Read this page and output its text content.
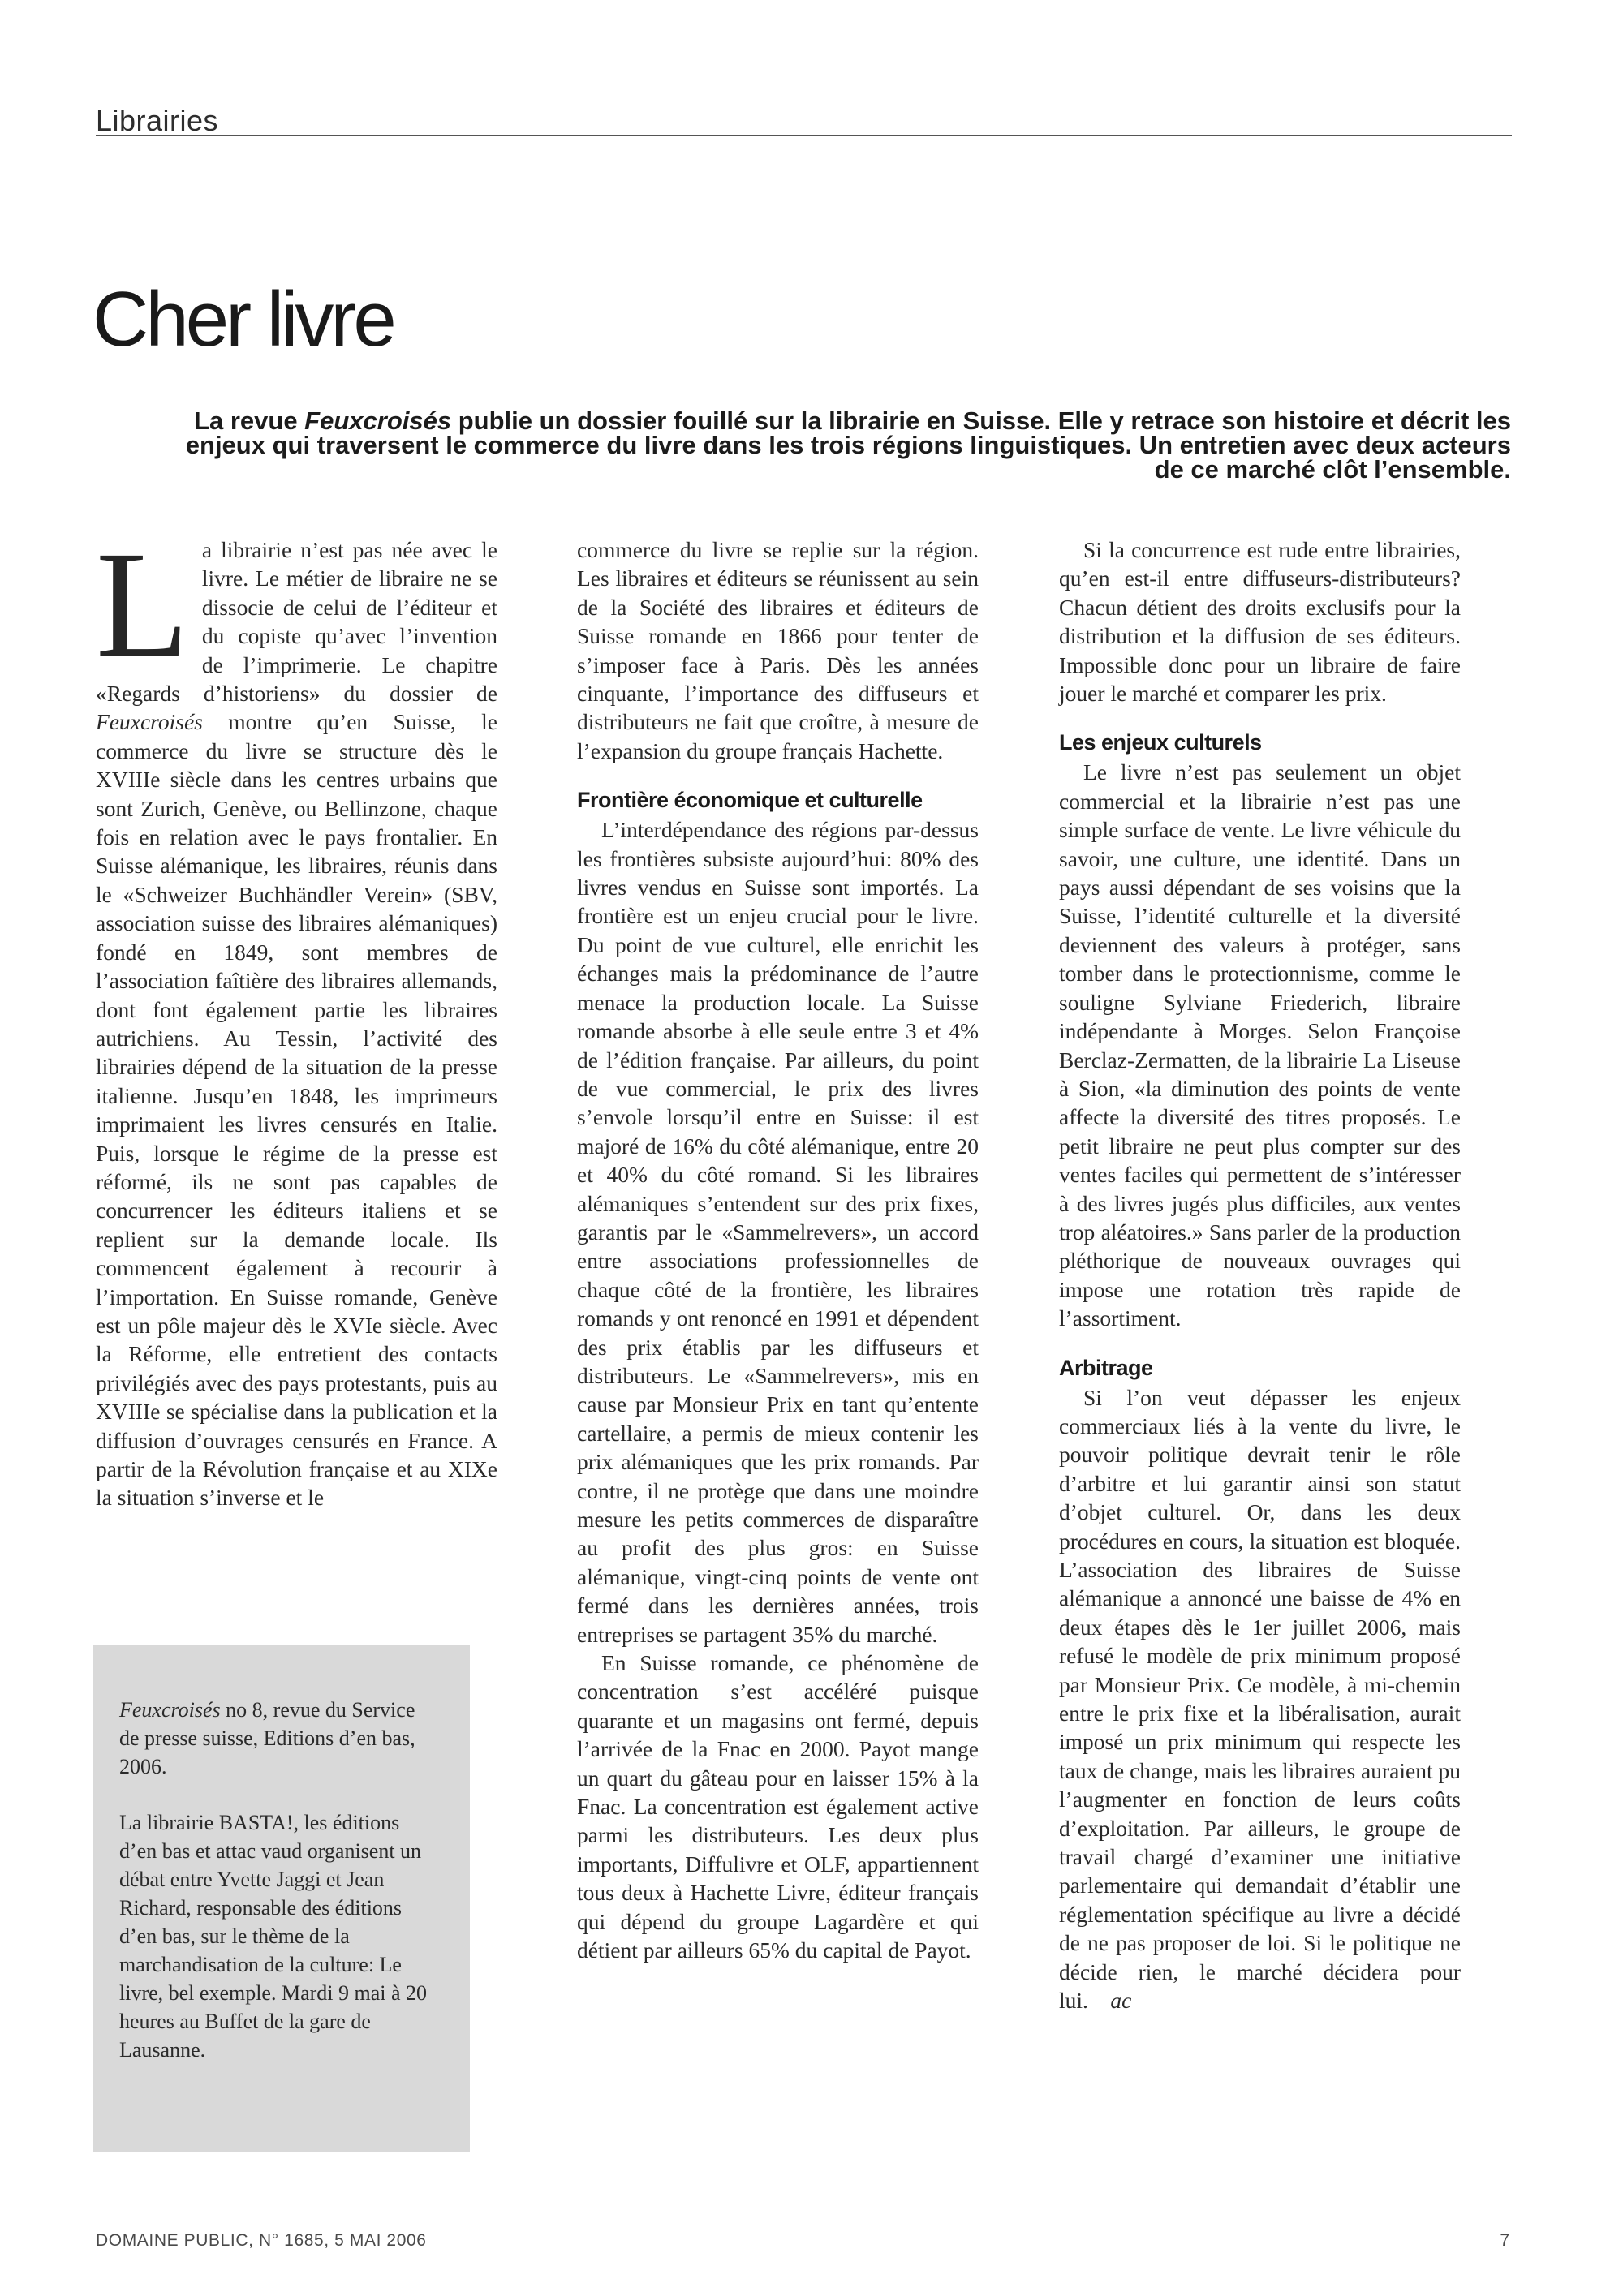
Librairies
Cher livre

La revue Feuxcroisés publie un dossier fouillé sur la librairie en Suisse. Elle y retrace son histoire et décrit les enjeux qui traversent le commerce du livre dans les trois régions linguistiques. Un entretien avec deux acteurs de ce marché clôt l’ensemble.

La librairie n’est pas née avec le livre. Le métier de libraire ne se dissocie de celui de l’éditeur et du copiste qu’avec l’invention de l’imprimerie. Le chapitre «Regards d’historiens» du dossier de Feuxcroisés montre qu’en Suisse, le commerce du livre se structure dès le XVIIIe siècle dans les centres urbains que sont Zurich, Genève, ou Bellinzone, chaque fois en relation avec le pays frontalier. En Suisse alémanique, les libraires, réunis dans le «Schweizer Buchhändler Verein» (SBV, association suisse des libraires alémaniques) fondé en 1849, sont membres de l’association faîtière des libraires allemands, dont font également partie les libraires autrichiens. Au Tessin, l’activité des librairies dépend de la situation de la presse italienne. Jusqu’en 1848, les imprimeurs imprimaient les livres censurés en Italie. Puis, lorsque le régime de la presse est réformé, ils ne sont pas capables de concurrencer les éditeurs italiens et se replient sur la demande locale. Ils commencent également à recourir à l’importation. En Suisse romande, Genève est un pôle majeur dès le XVIe siècle. Avec la Réforme, elle entretient des contacts privilégiés avec des pays protestants, puis au XVIIIe se spécialise dans la publication et la diffusion d’ouvrages censurés en France. A partir de la Révolution française et au XIXe la situation s’inverse et le

commerce du livre se replie sur la région. Les libraires et éditeurs se réunissent au sein de la Société des libraires et éditeurs de Suisse romande en 1866 pour tenter de s’imposer face à Paris. Dès les années cinquante, l’importance des diffuseurs et distributeurs ne fait que croître, à mesure de l’expansion du groupe français Hachette.

Frontière économique et culturelle

L’interdépendance des régions par-dessus les frontières subsiste aujourd’hui: 80% des livres vendus en Suisse sont importés. La frontière est un enjeu crucial pour le livre. Du point de vue culturel, elle enrichit les échanges mais la prédominance de l’autre menace la production locale. La Suisse romande absorbe à elle seule entre 3 et 4% de l’édition française. Par ailleurs, du point de vue commercial, le prix des livres s’envole lorsqu’il entre en Suisse: il est majoré de 16% du côté alémanique, entre 20 et 40% du côté romand. Si les libraires alémaniques s’entendent sur des prix fixes, garantis par le «Sammelrevers», un accord entre associations professionnelles de chaque côté de la frontière, les libraires romands y ont renoncé en 1991 et dépendent des prix établis par les diffuseurs et distributeurs. Le «Sammelrevers», mis en cause par Monsieur Prix en tant qu’entente cartellaire, a permis de mieux contenir les prix alémaniques que les prix romands. Par contre, il ne protège que dans une moindre mesure les petits commerces de disparaître au profit des plus gros: en Suisse alémanique, vingt-cinq points de vente ont fermé dans les dernières années, trois entreprises se partagent 35% du marché.

En Suisse romande, ce phénomène de concentration s’est accéléré puisque quarante et un magasins ont fermé, depuis l’arrivée de la Fnac en 2000. Payot mange un quart du gâteau pour en laisser 15% à la Fnac. La concentration est également active parmi les distributeurs. Les deux plus importants, Diffulivre et OLF, appartiennent tous deux à Hachette Livre, éditeur français qui dépend du groupe Lagardère et qui détient par ailleurs 65% du capital de Payot.

Si la concurrence est rude entre librairies, qu’en est-il entre diffuseurs-distributeurs? Chacun détient des droits exclusifs pour la distribution et la diffusion de ses éditeurs. Impossible donc pour un libraire de faire jouer le marché et comparer les prix.

Les enjeux culturels

Le livre n’est pas seulement un objet commercial et la librairie n’est pas une simple surface de vente. Le livre véhicule du savoir, une culture, une identité. Dans un pays aussi dépendant de ses voisins que la Suisse, l’identité culturelle et la diversité deviennent des valeurs à protéger, sans tomber dans le protectionnisme, comme le souligne Sylviane Friederich, libraire indépendante à Morges. Selon Françoise Berclaz-Zermatten, de la librairie La Liseuse à Sion, «la diminution des points de vente affecte la diversité des titres proposés. Le petit libraire ne peut plus compter sur des ventes faciles qui permettent de s’intéresser à des livres jugés plus difficiles, aux ventes trop aléatoires.» Sans parler de la production pléthorique de nouveaux ouvrages qui impose une rotation très rapide de l’assortiment.

Arbitrage

Si l’on veut dépasser les enjeux commerciaux liés à la vente du livre, le pouvoir politique devrait tenir le rôle d’arbitre et lui garantir ainsi son statut d’objet culturel. Or, dans les deux procédures en cours, la situation est bloquée. L’association des libraires de Suisse alémanique a annoncé une baisse de 4% en deux étapes dès le 1er juillet 2006, mais refusé le modèle de prix minimum proposé par Monsieur Prix. Ce modèle, à mi-chemin entre le prix fixe et la libéralisation, aurait imposé un prix minimum qui respecte les taux de change, mais les libraires auraient pu l’augmenter en fonction de leurs coûts d’exploitation. Par ailleurs, le groupe de travail chargé d’examiner une initiative parlementaire qui demandait d’établir une réglementation spécifique au livre a décidé de ne pas proposer de loi. Si le politique ne décide rien, le marché décidera pour lui. ac

Feuxcroisés no 8, revue du Service de presse suisse, Editions d’en bas, 2006.

La librairie BASTA!, les éditions d’en bas et attac vaud organisent un débat entre Yvette Jaggi et Jean Richard, responsable des éditions d’en bas, sur le thème de la marchandisation de la culture: Le livre, bel exemple. Mardi 9 mai à 20 heures au Buffet de la gare de Lausanne.

DOMAINE PUBLIC, N° 1685, 5 MAI 2006	7
